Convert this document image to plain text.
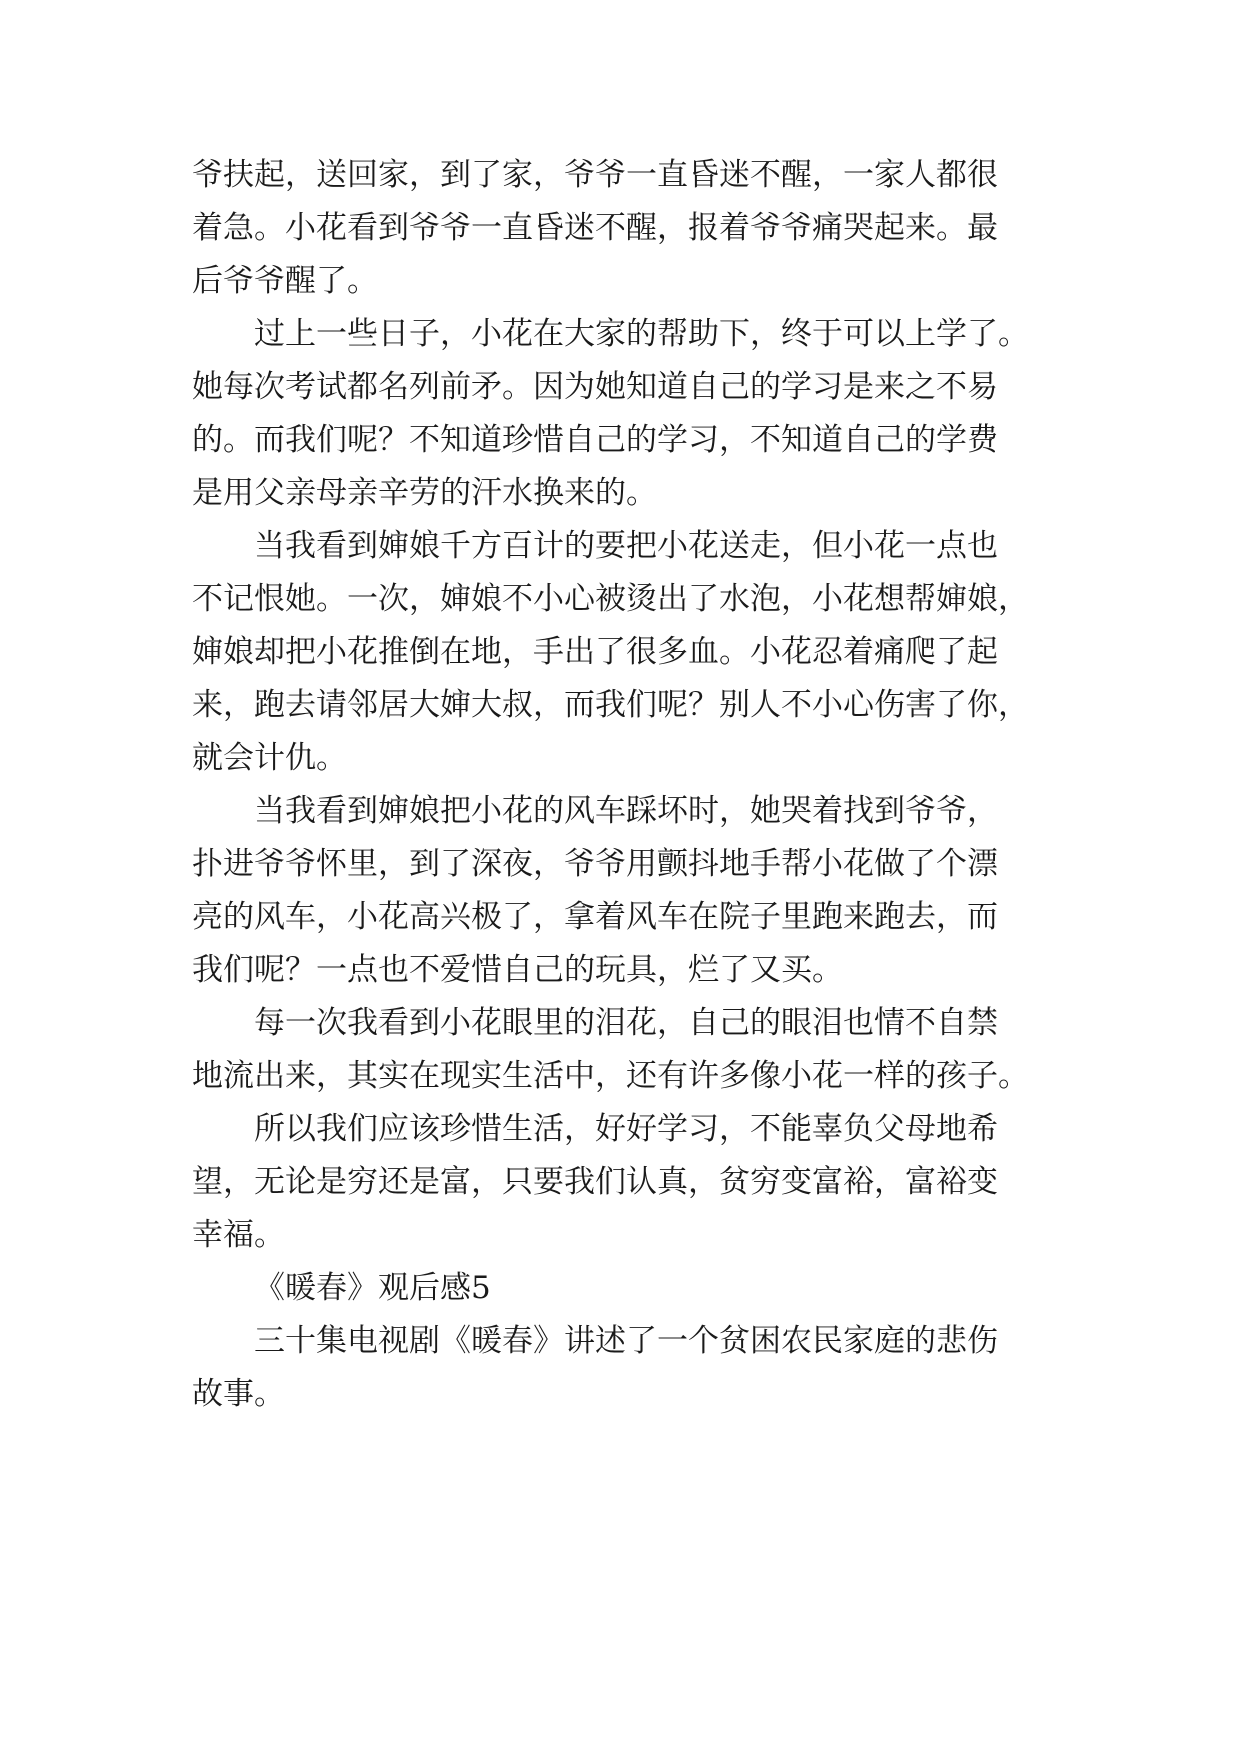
爷扶起，送回家，到了家，爷爷一直昏迷不醒，一家人都很
着急。小花看到爷爷一直昏迷不醒，报着爷爷痛哭起来。最
后爷爷醒了。
过上一些日子，小花在大家的帮助下，终于可以上学了。
她每次考试都名列前矛。因为她知道自己的学习是来之不易
的。而我们呢？不知道珍惜自己的学习，不知道自己的学费
是用父亲母亲辛劳的汗水换来的。
当我看到婶娘千方百计的要把小花送走，但小花一点也
不记恨她。一次，婶娘不小心被烫出了水泡，小花想帮婶娘，
婶娘却把小花推倒在地，手出了很多血。小花忍着痛爬了起
来，跑去请邻居大婶大叔，而我们呢？别人不小心伤害了你，
就会计仇。
当我看到婶娘把小花的风车踩坏时，她哭着找到爷爷，
扑进爷爷怀里，到了深夜，爷爷用颤抖地手帮小花做了个漂
亮的风车，小花高兴极了，拿着风车在院子里跑来跑去，而
我们呢？一点也不爱惜自己的玩具，烂了又买。
每一次我看到小花眼里的泪花，自己的眼泪也情不自禁
地流出来，其实在现实生活中，还有许多像小花一样的孩子。
所以我们应该珍惜生活，好好学习，不能辜负父母地希
望，无论是穷还是富，只要我们认真，贫穷变富裕，富裕变
幸福。
《暖春》观后感5
三十集电视剧《暖春》讲述了一个贫困农民家庭的悲伤
故事。
